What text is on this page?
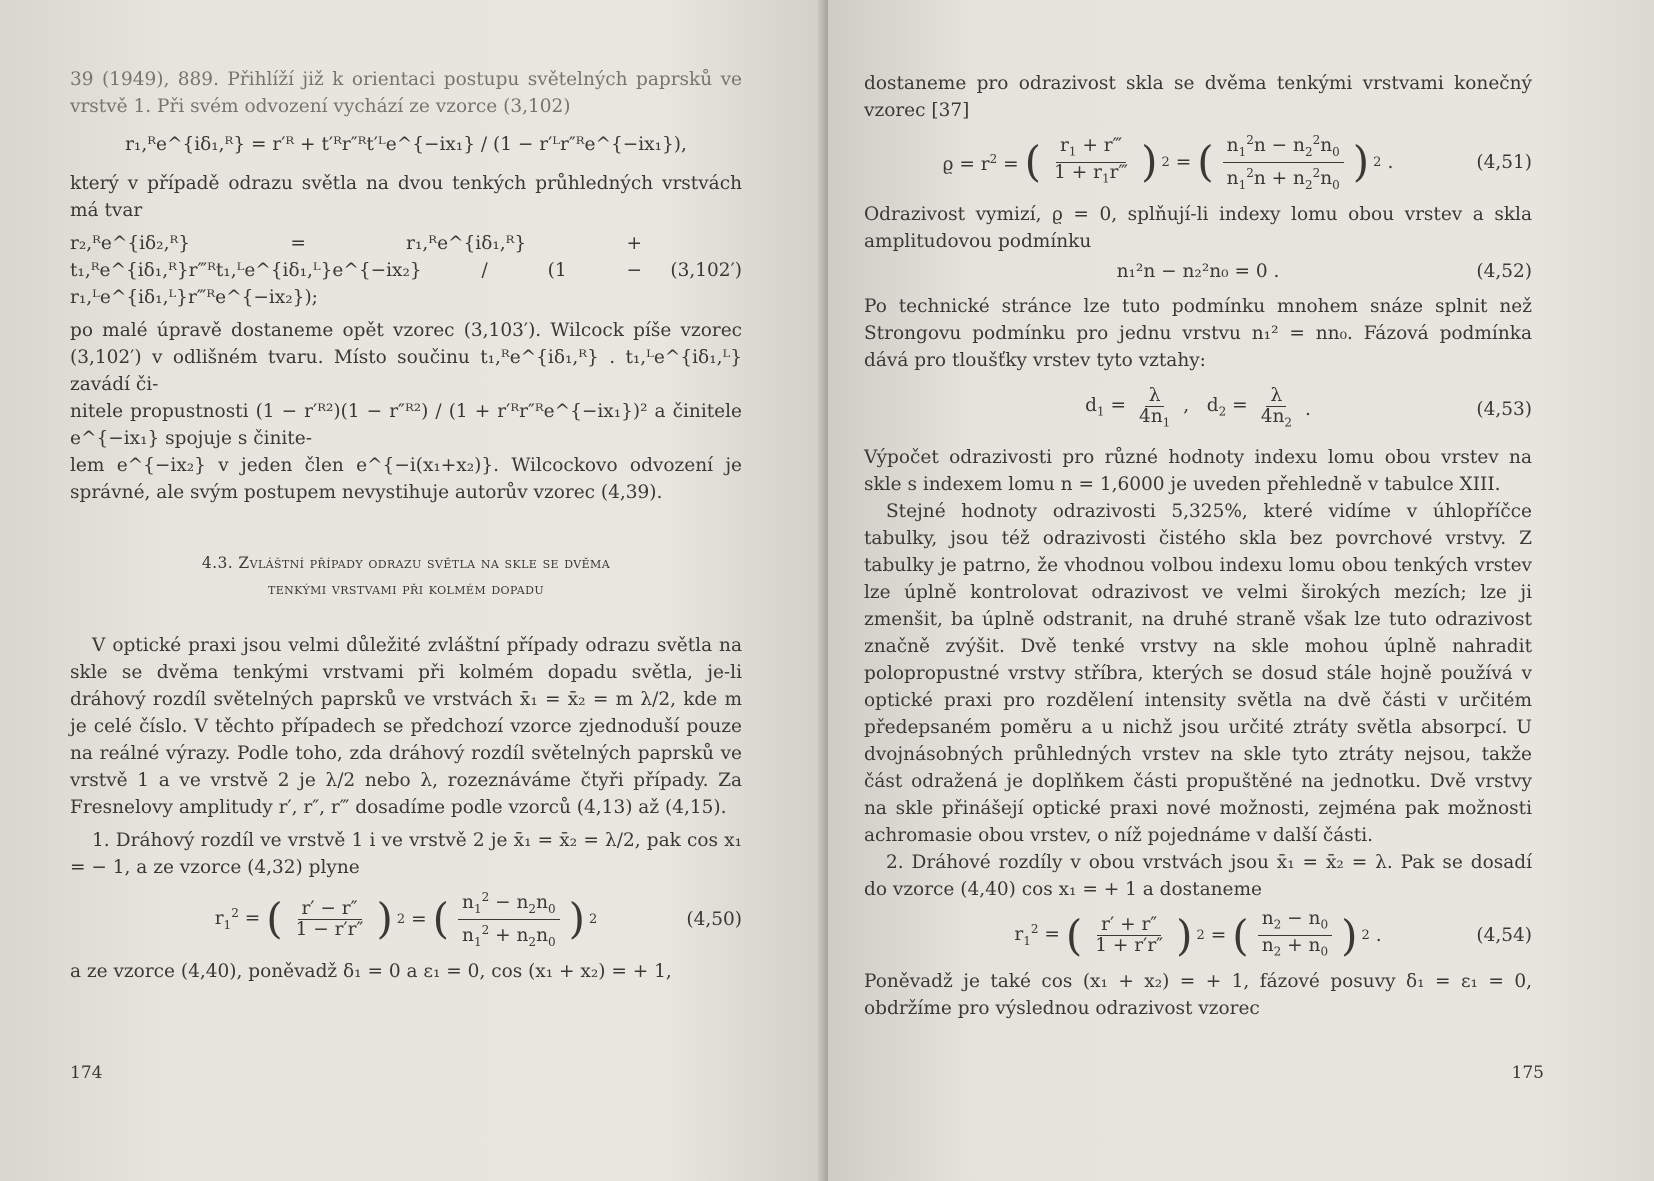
39 (1949), 889. Přihlíží již k orientaci postupu světelných paprsků ve vrstvě 1. Při svém odvození vychází ze vzorce (3,102)

r₁,ᴿe^{iδ₁,ᴿ} = r′ᴿ + t′ᴿr″ᴿt′ᴸe^{−ix₁} / (1 − r′ᴸr″ᴿe^{−ix₁}),

který v případě odrazu světla na dvou tenkých průhledných vrstvách má tvar

r₂,ᴿe^{iδ₂,ᴿ} = r₁,ᴿe^{iδ₁,ᴿ} + t₁,ᴿe^{iδ₁,ᴿ}r‴ᴿt₁,ᴸe^{iδ₁,ᴸ}e^{−ix₂} / (1 − r₁,ᴸe^{iδ₁,ᴸ}r‴ᴿe^{−ix₂});
(3,102′)

po malé úpravě dostaneme opět vzorec (3,103′). Wilcock píše vzorec (3,102′) v odlišném tvaru. Místo součinu t₁,ᴿe^{iδ₁,ᴿ} . t₁,ᴸe^{iδ₁,ᴸ} zavádí či-

nitele propustnosti (1 − r′ᴿ²)(1 − r″ᴿ²) / (1 + r′ᴿr″ᴿe^{−ix₁})² a činitele e^{−ix₁} spojuje s činite-

lem e^{−ix₂} v jeden člen e^{−i(x₁+x₂)}. Wilcockovo odvození je správné, ale svým postupem nevystihuje autorův vzorec (4,39).

4.3. Zvláštní případy odrazu světla na skle se dvěma
tenkými vrstvami při kolmém dopadu

V optické praxi jsou velmi důležité zvláštní případy odrazu světla na skle se dvěma tenkými vrstvami při kolmém dopadu světla, je-li dráhový rozdíl světelných paprsků ve vrstvách x̄₁ = x̄₂ = m λ/2, kde m je celé číslo. V těchto případech se předchozí vzorce zjednoduší pouze na reálné výrazy. Podle toho, zda dráhový rozdíl světelných paprsků ve vrstvě 1 a ve vrstvě 2 je λ/2 nebo λ, rozeznáváme čtyři případy. Za Fresnelovy amplitudy r′, r″, r‴ dosadíme podle vzorců (4,13) až (4,15).

1. Dráhový rozdíl ve vrstvě 1 i ve vrstvě 2 je x̄₁ = x̄₂ = λ/2, pak cos x₁ = − 1, a ze vzorce (4,32) plyne

$r_1^2$ = ( $\frac{r' - r''}{1 - r'r''}$ ) 2 = ( $\frac{n_1^2 - n_2n_0}{n_1^2 + n_2n_0}$ ) 2	(4,50)

a ze vzorce (4,40), poněvadž δ₁ = 0 a ε₁ = 0, cos (x₁ + x₂) = + 1,

174

dostaneme pro odrazivost skla se dvěma tenkými vrstvami konečný vzorec [37]

$ϱ = r^2$ = ( $\frac{r_1 + r‴}{1 + r_1r‴}$ ) 2 = ( $\frac{n_1^2n - n_2^2n_0}{n_1^2n + n_2^2n_0}$ ) 2 .	(4,51)

Odrazivost vymizí, ϱ = 0, splňují-li indexy lomu obou vrstev a skla amplitudovou podmínku

n₁²n − n₂²n₀ = 0 .	(4,52)

Po technické stránce lze tuto podmínku mnohem snáze splnit než Strongovu podmínku pro jednu vrstvu n₁² = nn₀. Fázová podmínka dává pro tloušťky vrstev tyto vztahy:

$d_1 = \frac{\lambda}{4n_1}$ ,   $d_2 = \frac{\lambda}{4n_2}$ .	(4,53)

Výpočet odrazivosti pro různé hodnoty indexu lomu obou vrstev na skle s indexem lomu n = 1,6000 je uveden přehledně v tabulce XIII.

Stejné hodnoty odrazivosti 5,325%, které vidíme v úhlopříčce tabulky, jsou též odrazivosti čistého skla bez povrchové vrstvy. Z tabulky je patrno, že vhodnou volbou indexu lomu obou tenkých vrstev lze úplně kontrolovat odrazivost ve velmi širokých mezích; lze ji zmenšit, ba úplně odstranit, na druhé straně však lze tuto odrazivost značně zvýšit. Dvě tenké vrstvy na skle mohou úplně nahradit polopropustné vrstvy stříbra, kterých se dosud stále hojně používá v optické praxi pro rozdělení intensity světla na dvě části v určitém předepsaném poměru a u nichž jsou určité ztráty světla absorpcí. U dvojnásobných průhledných vrstev na skle tyto ztráty nejsou, takže část odražená je doplňkem části propuštěné na jednotku. Dvě vrstvy na skle přinášejí optické praxi nové možnosti, zejména pak možnosti achromasie obou vrstev, o níž pojednáme v další části.

2. Dráhové rozdíly v obou vrstvách jsou x̄₁ = x̄₂ = λ. Pak se dosadí do vzorce (4,40) cos x₁ = + 1 a dostaneme

$r_1^2$ = ( $\frac{r' + r''}{1 + r'r''}$ ) 2 = ( $\frac{n_2 - n_0}{n_2 + n_0}$ ) 2 .	(4,54)

Poněvadž je také cos (x₁ + x₂) = + 1, fázové posuvy δ₁ = ε₁ = 0, obdržíme pro výslednou odrazivost vzorec

175
